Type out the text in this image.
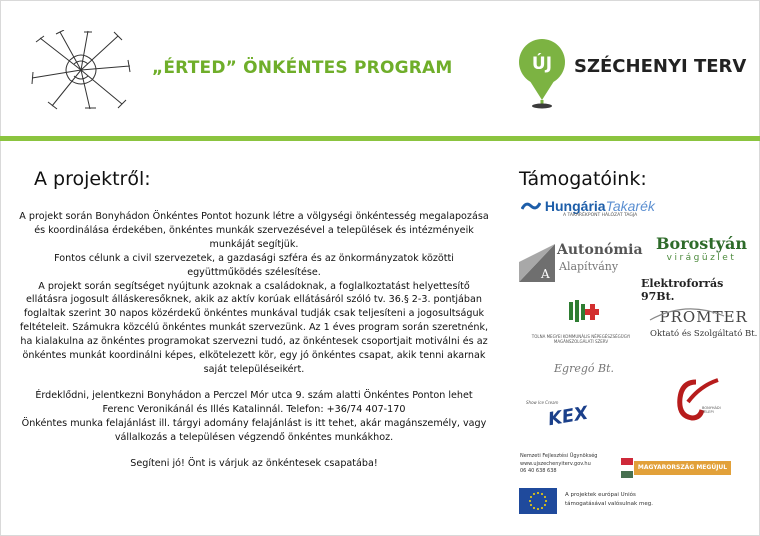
„ÉRTED” ÖNKÉNTES PROGRAM	ÚJ SZÉCHENYI TERV
A projektről:	Támogatóink:

A projekt során Bonyhádon Önkéntes Pontot hozunk létre a völgységi önkéntesség megalapozása és koordinálása érdekében, önkéntes munkák szervezésével a települések és intézményeik munkáját segítjük.

Fontos célunk a civil szervezetek, a gazdasági szféra és az önkormányzatok közötti együttműködés szélesítése.

A projekt során segítséget nyújtunk azoknak a családoknak, a foglalkoztatást helyettesítő ellátásra jogosult álláskeresőknek, akik az aktív korúak ellátásáról szóló tv. 36.§ 2-3. pontjában foglaltak szerint 30 napos közérdekű önkéntes munkával tudják csak teljesíteni a jogosultságuk feltételeit. Számukra közcélú önkéntes munkát szervezünk. Az 1 éves program során szeretnénk, ha kialakulna az önkéntes programokat szervezni tudó, az önkéntesek csoportjait motiválni és az önkéntes munkát koordinálni képes, elkötelezett kör, egy jó önkéntes csapat, akik tenni akarnak saját településeikért.

Érdeklődni, jelentkezni Bonyhádon a Perczel Mór utca 9. szám alatti Önkéntes Ponton lehet Ferenc Veronikánál és Illés Katalinnál. Telefon: +36/74 407-170

Önkéntes munka felajánlást ill. tárgyi adomány felajánlást is itt tehet, akár magánszemély, vagy vállalkozás a településen végzendő önkéntes munkákhoz.

Segíteni jó! Önt is várjuk az önkéntesek csapatába!

HungáriaTakarék
A TAKARÉKPONT HÁLÓZAT TAGJA
A
Autonómia
Alapítvány
Borostyán
virágüzlet
Elektroforrás 97Bt.
TOLNA MEGYEI KOMMUNÁLIS NÉPEGÉSZSÉGÜGYI MAGÁNSZOLGÁLATI SZERV
PROMTER
Oktató és Szolgáltató Bt.
Egregó Bt.
Show Ice Cream
KEX	BONYHÁDI TELEPI
Nemzeti Fejlesztési Ügynökség
www.ujszechenyiterv.gov.hu
06 40 638 638	MAGYARORSZÁG MEGÚJUL
A projektek európai Uniós
támogatásával valósulnak meg.
